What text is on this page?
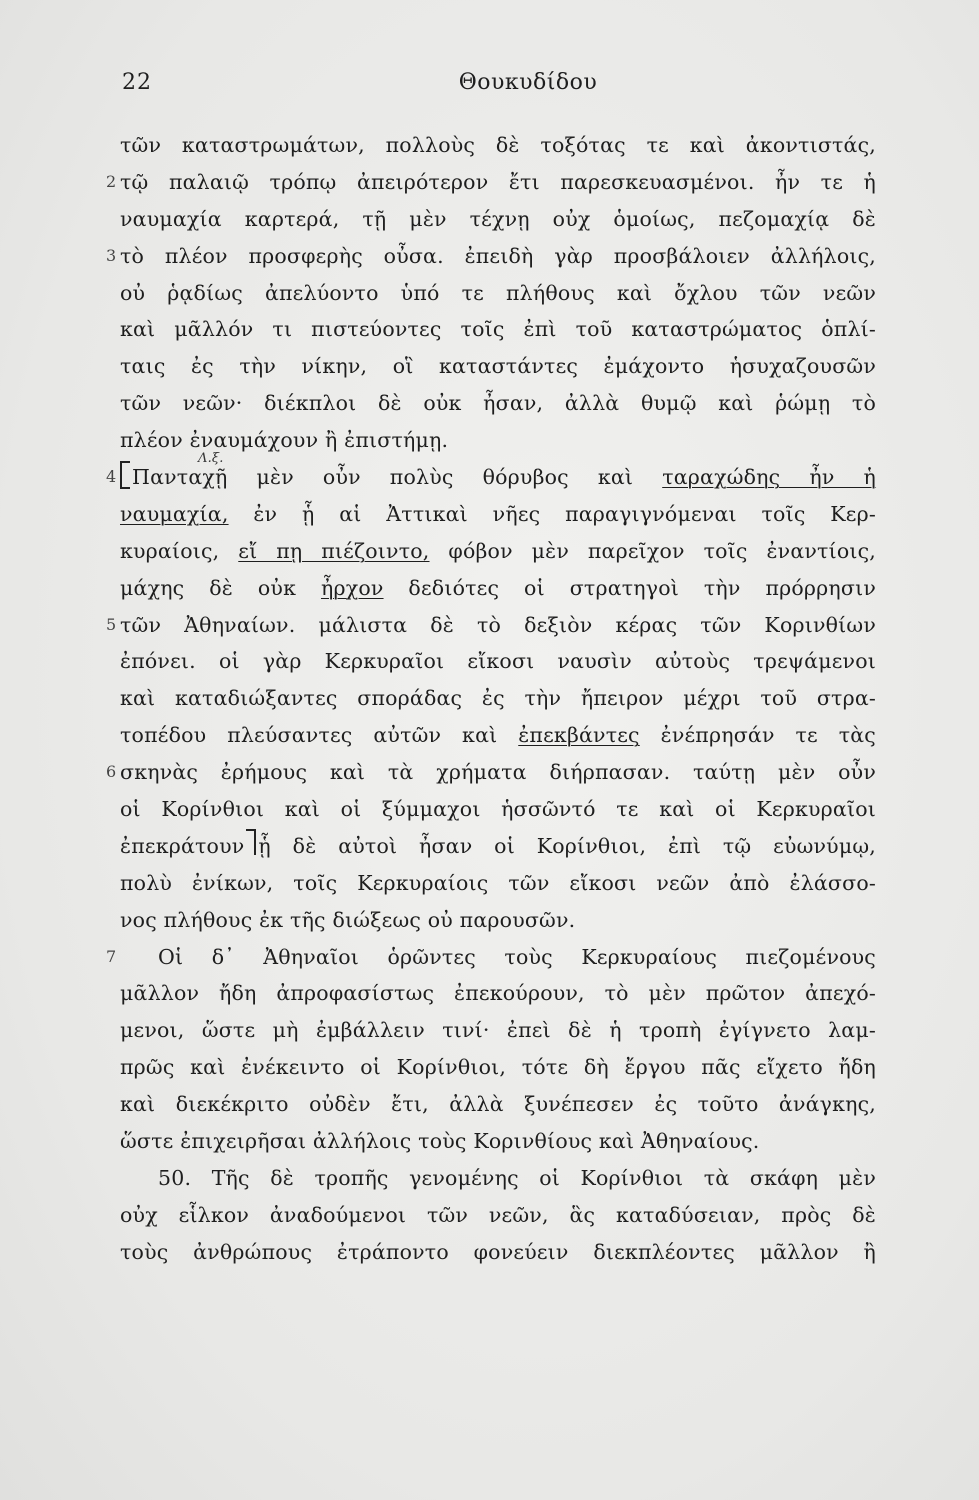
22	Θουκυδίδου
τῶν καταστρωμάτων, πολλοὺς δὲ τοξότας τε καὶ ἀκοντιστάς,
2 τῷ παλαιῷ τρόπῳ ἀπειρότερον ἔτι παρεσκευασμένοι. ἦν τε ἡ
ναυμαχία καρτερά, τῇ μὲν τέχνῃ οὐχ ὁμοίως, πεζομαχίᾳ δὲ
3 τὸ πλέον προσφερὴς οὖσα. ἐπειδὴ γὰρ προσβάλοιεν ἀλλήλοις,
οὐ ῥᾳδίως ἀπελύοντο ὑπό τε πλήθους καὶ ὄχλου τῶν νεῶν
καὶ μᾶλλόν τι πιστεύοντες τοῖς ἐπὶ τοῦ καταστρώματος ὁπλί-
ταις ἐς τὴν νίκην, οἳ καταστάντες ἐμάχοντο ἡσυχαζουσῶν
τῶν νεῶν· διέκπλοι δὲ οὐκ ἦσαν, ἀλλὰ θυμῷ καὶ ῥώμῃ τὸ
πλέον ἐναυμάχουν ἢ ἐπιστήμῃ.
4
Λ.ξ.
Πανταχῇ μὲν οὖν πολὺς θόρυβος καὶ ταραχώδης ἦν ἡ
ναυμαχία, ἐν ᾗ αἱ Ἀττικαὶ νῆες παραγιγνόμεναι τοῖς Κερ-
κυραίοις, εἴ πῃ πιέζοιντο, φόβον μὲν παρεῖχον τοῖς ἐναντίοις,
μάχης δὲ οὐκ ἦρχον δεδιότες οἱ στρατηγοὶ τὴν πρόρρησιν
5 τῶν Ἀθηναίων. μάλιστα δὲ τὸ δεξιὸν κέρας τῶν Κορινθίων
ἐπόνει. οἱ γὰρ Κερκυραῖοι εἴκοσι ναυσὶν αὐτοὺς τρεψάμενοι
καὶ καταδιώξαντες σποράδας ἐς τὴν ἤπειρον μέχρι τοῦ στρα-
τοπέδου πλεύσαντες αὐτῶν καὶ ἐπεκβάντες ἐνέπρησάν τε τὰς
6 σκηνὰς ἐρήμους καὶ τὰ χρήματα διήρπασαν. ταύτῃ μὲν οὖν
οἱ Κορίνθιοι καὶ οἱ ξύμμαχοι ἡσσῶντό τε καὶ οἱ Κερκυραῖοι
ἐπεκράτουν ᾗ δὲ αὐτοὶ ἦσαν οἱ Κορίνθιοι, ἐπὶ τῷ εὐωνύμῳ,
πολὺ ἐνίκων, τοῖς Κερκυραίοις τῶν εἴκοσι νεῶν ἀπὸ ἐλάσσο-
νος πλήθους ἐκ τῆς διώξεως οὐ παρουσῶν.
7 Οἱ δ᾽ Ἀθηναῖοι ὁρῶντες τοὺς Κερκυραίους πιεζομένους
μᾶλλον ἤδη ἀπροφασίστως ἐπεκούρουν, τὸ μὲν πρῶτον ἀπεχό-
μενοι, ὥστε μὴ ἐμβάλλειν τινί· ἐπεὶ δὲ ἡ τροπὴ ἐγίγνετο λαμ-
πρῶς καὶ ἐνέκειντο οἱ Κορίνθιοι, τότε δὴ ἔργου πᾶς εἴχετο ἤδη
καὶ διεκέκριτο οὐδὲν ἔτι, ἀλλὰ ξυνέπεσεν ἐς τοῦτο ἀνάγκης,
ὥστε ἐπιχειρῆσαι ἀλλήλοις τοὺς Κορινθίους καὶ Ἀθηναίους.
50. Τῆς δὲ τροπῆς γενομένης οἱ Κορίνθιοι τὰ σκάφη μὲν
οὐχ εἷλκον ἀναδούμενοι τῶν νεῶν, ἃς καταδύσειαν, πρὸς δὲ
τοὺς ἀνθρώπους ἐτράποντο φονεύειν διεκπλέοντες μᾶλλον ἢ
